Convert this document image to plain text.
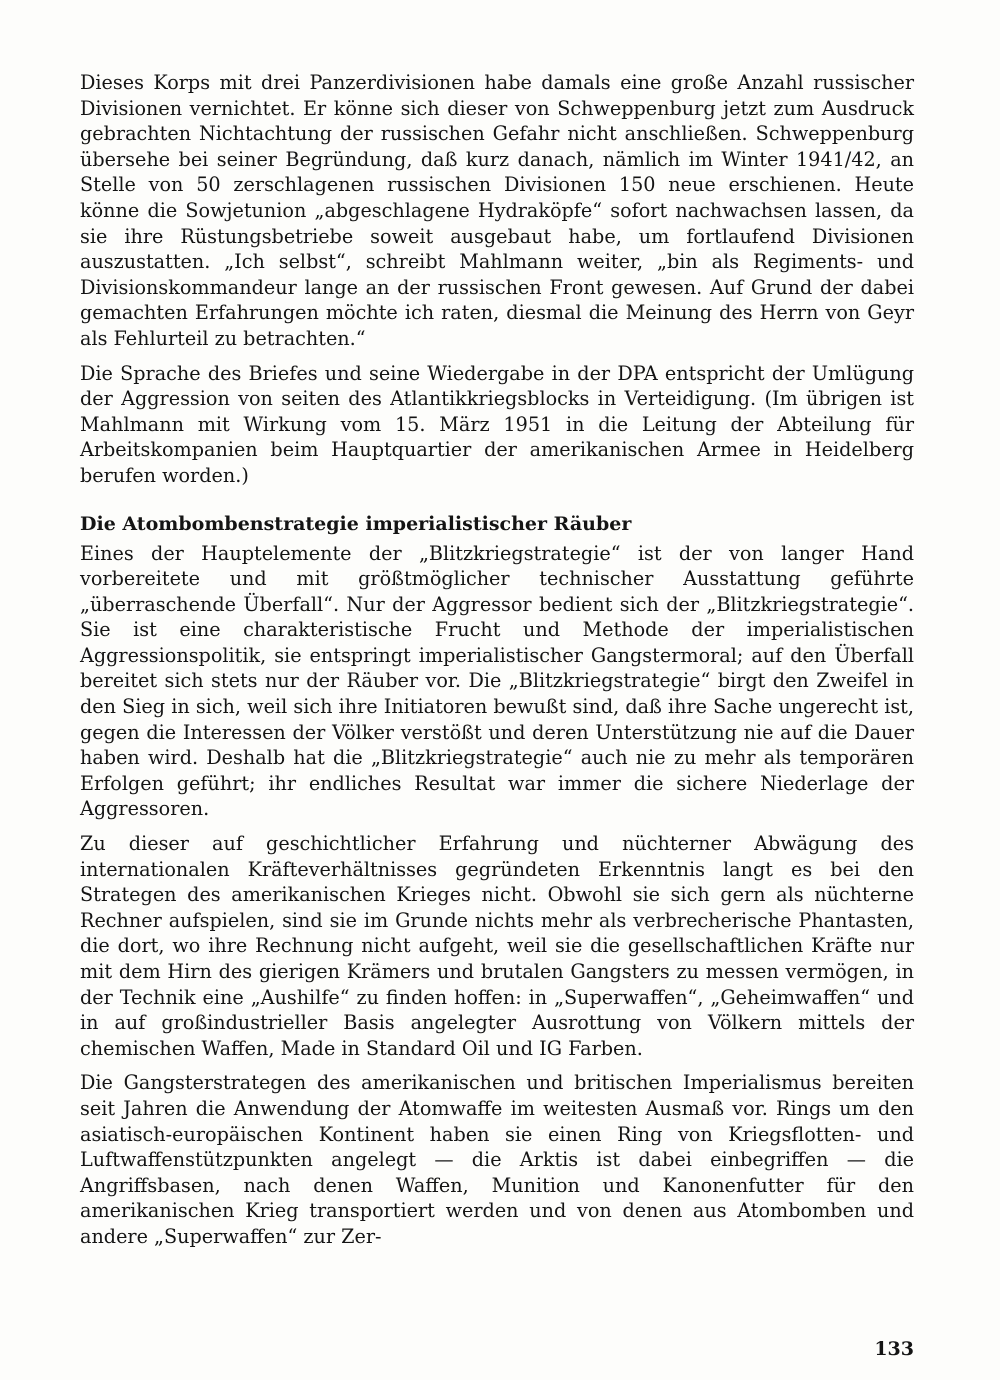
Dieses Korps mit drei Panzerdivisionen habe damals eine große Anzahl russischer Divisionen vernichtet. Er könne sich dieser von Schweppenburg jetzt zum Ausdruck gebrachten Nichtachtung der russischen Gefahr nicht anschließen. Schweppenburg übersehe bei seiner Begründung, daß kurz danach, nämlich im Winter 1941/42, an Stelle von 50 zerschlagenen russischen Divisionen 150 neue erschienen. Heute könne die Sowjetunion „abgeschlagene Hydraköpfe“ sofort nachwachsen lassen, da sie ihre Rüstungsbetriebe soweit ausgebaut habe, um fortlaufend Divisionen auszustatten. „Ich selbst“, schreibt Mahlmann weiter, „bin als Regiments- und Divisionskommandeur lange an der russischen Front gewesen. Auf Grund der dabei gemachten Erfahrungen möchte ich raten, diesmal die Meinung des Herrn von Geyr als Fehlurteil zu betrachten.“

Die Sprache des Briefes und seine Wiedergabe in der DPA entspricht der Umlügung der Aggression von seiten des Atlantikkriegsblocks in Verteidigung. (Im übrigen ist Mahlmann mit Wirkung vom 15. März 1951 in die Leitung der Abteilung für Arbeitskompanien beim Hauptquartier der amerikanischen Armee in Heidelberg berufen worden.)

Die Atombombenstrategie imperialistischer Räuber

Eines der Hauptelemente der „Blitzkriegstrategie“ ist der von langer Hand vorbereitete und mit größtmöglicher technischer Ausstattung geführte „überraschende Überfall“. Nur der Aggressor bedient sich der „Blitzkriegstrategie“. Sie ist eine charakteristische Frucht und Methode der imperialistischen Aggressionspolitik, sie entspringt imperialistischer Gangstermoral; auf den Überfall bereitet sich stets nur der Räuber vor. Die „Blitzkriegstrategie“ birgt den Zweifel in den Sieg in sich, weil sich ihre Initiatoren bewußt sind, daß ihre Sache ungerecht ist, gegen die Interessen der Völker verstößt und deren Unterstützung nie auf die Dauer haben wird. Deshalb hat die „Blitzkriegstrategie“ auch nie zu mehr als temporären Erfolgen geführt; ihr endliches Resultat war immer die sichere Niederlage der Aggressoren.

Zu dieser auf geschichtlicher Erfahrung und nüchterner Abwägung des internationalen Kräfteverhältnisses gegründeten Erkenntnis langt es bei den Strategen des amerikanischen Krieges nicht. Obwohl sie sich gern als nüchterne Rechner aufspielen, sind sie im Grunde nichts mehr als verbrecherische Phantasten, die dort, wo ihre Rechnung nicht aufgeht, weil sie die gesellschaftlichen Kräfte nur mit dem Hirn des gierigen Krämers und brutalen Gangsters zu messen vermögen, in der Technik eine „Aushilfe“ zu finden hoffen: in „Superwaffen“, „Geheimwaffen“ und in auf großindustrieller Basis angelegter Ausrottung von Völkern mittels der chemischen Waffen, Made in Standard Oil und IG Farben.

Die Gangsterstrategen des amerikanischen und britischen Imperialismus bereiten seit Jahren die Anwendung der Atomwaffe im weitesten Ausmaß vor. Rings um den asiatisch-europäischen Kontinent haben sie einen Ring von Kriegsflotten- und Luftwaffenstützpunkten angelegt — die Arktis ist dabei einbegriffen — die Angriffsbasen, nach denen Waffen, Munition und Kanonenfutter für den amerikanischen Krieg transportiert werden und von denen aus Atombomben und andere „Superwaffen“ zur Zer-

133
